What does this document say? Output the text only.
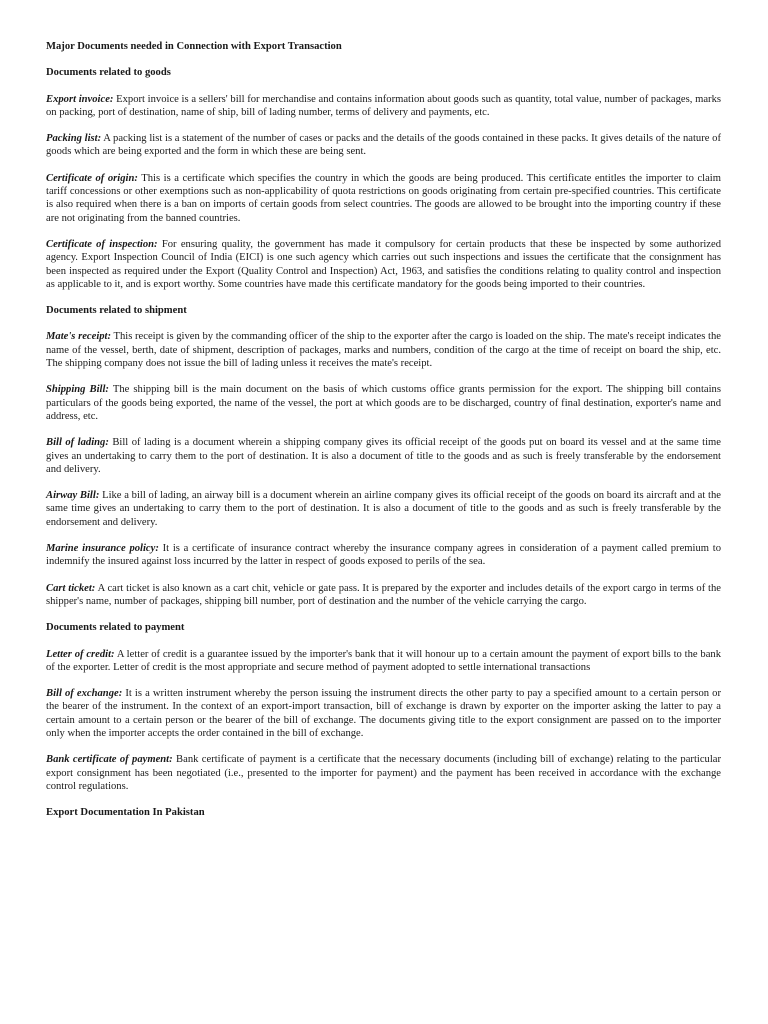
Major Documents needed in Connection with Export Transaction

Documents related to goods

Export invoice: Export invoice is a sellers' bill for merchandise and contains information about goods such as quantity, total value, number of packages, marks on packing, port of destination, name of ship, bill of lading number, terms of delivery and payments, etc.

Packing list: A packing list is a statement of the number of cases or packs and the details of the goods contained in these packs. It gives details of the nature of goods which are being exported and the form in which these are being sent.

Certificate of origin: This is a certificate which specifies the country in which the goods are being produced. This certificate entitles the importer to claim tariff concessions or other exemptions such as non-applicability of quota restrictions on goods originating from certain pre-specified countries. This certificate is also required when there is a ban on imports of certain goods from select countries. The goods are allowed to be brought into the importing country if these are not originating from the banned countries.

Certificate of inspection: For ensuring quality, the government has made it compulsory for certain products that these be inspected by some authorized agency. Export Inspection Council of India (EICI) is one such agency which carries out such inspections and issues the certificate that the consignment has been inspected as required under the Export (Quality Control and Inspection) Act, 1963, and satisfies the conditions relating to quality control and inspection as applicable to it, and is export worthy. Some countries have made this certificate mandatory for the goods being imported to their countries.

Documents related to shipment

Mate's receipt: This receipt is given by the commanding officer of the ship to the exporter after the cargo is loaded on the ship. The mate's receipt indicates the name of the vessel, berth, date of shipment, description of packages, marks and numbers, condition of the cargo at the time of receipt on board the ship, etc. The shipping company does not issue the bill of lading unless it receives the mate's receipt.

Shipping Bill: The shipping bill is the main document on the basis of which customs office grants permission for the export. The shipping bill contains particulars of the goods being exported, the name of the vessel, the port at which goods are to be discharged, country of final destination, exporter's name and address, etc.

Bill of lading: Bill of lading is a document wherein a shipping company gives its official receipt of the goods put on board its vessel and at the same time gives an undertaking to carry them to the port of destination. It is also a document of title to the goods and as such is freely transferable by the endorsement and delivery.

Airway Bill: Like a bill of lading, an airway bill is a document wherein an airline company gives its official receipt of the goods on board its aircraft and at the same time gives an undertaking to carry them to the port of destination. It is also a document of title to the goods and as such is freely transferable by the endorsement and delivery.

Marine insurance policy: It is a certificate of insurance contract whereby the insurance company agrees in consideration of a payment called premium to indemnify the insured against loss incurred by the latter in respect of goods exposed to perils of the sea.

Cart ticket: A cart ticket is also known as a cart chit, vehicle or gate pass. It is prepared by the exporter and includes details of the export cargo in terms of the shipper's name, number of packages, shipping bill number, port of destination and the number of the vehicle carrying the cargo.

Documents related to payment

Letter of credit: A letter of credit is a guarantee issued by the importer's bank that it will honour up to a certain amount the payment of export bills to the bank of the exporter. Letter of credit is the most appropriate and secure method of payment adopted to settle international transactions

Bill of exchange: It is a written instrument whereby the person issuing the instrument directs the other party to pay a specified amount to a certain person or the bearer of the instrument. In the context of an export-import transaction, bill of exchange is drawn by exporter on the importer asking the latter to pay a certain amount to a certain person or the bearer of the bill of exchange. The documents giving title to the export consignment are passed on to the importer only when the importer accepts the order contained in the bill of exchange.

Bank certificate of payment: Bank certificate of payment is a certificate that the necessary documents (including bill of exchange) relating to the particular export consignment has been negotiated (i.e., presented to the importer for payment) and the payment has been received in accordance with the exchange control regulations.

Export Documentation In Pakistan
